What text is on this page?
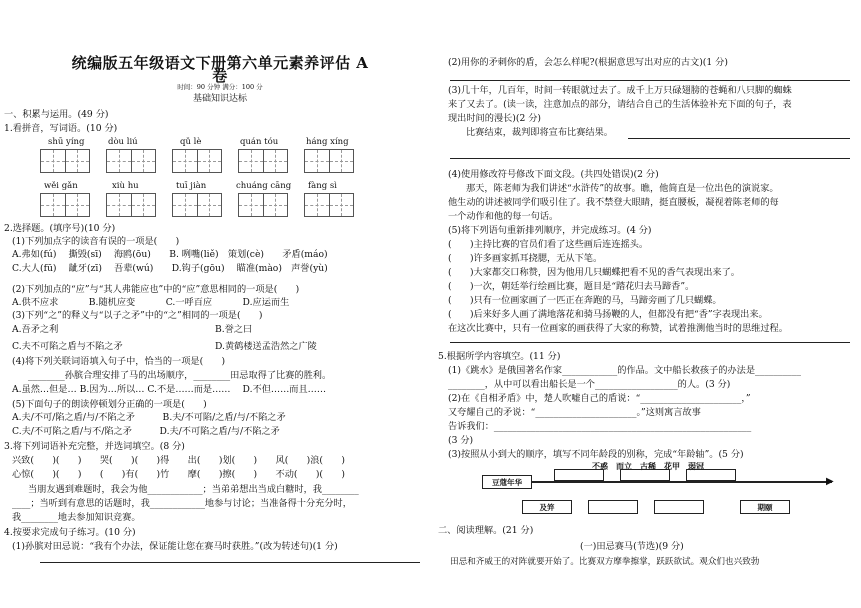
统编版五年级语文下册第六单元素养评估 A 卷
时间：90 分钟 满分：100 分
基础知识达标
一、积累与运用。(49 分)
1.看拼音，写词语。(10 分)
shū yíng	dòu liú	qǔ lè	quán tóu	háng xíng
wěi gǎn	xiù hu	tuī jiàn	chuáng cāng fàng sì
2.选择题。(填序号)(10 分)
(1)下列加点字的读音有误的一项是(　　)
A.弗如(fú)　 撕毁(sī)　 海鸥(ōu)　　B. 咧嘴(liě)　策划(cè)　　矛盾(máo)
C.大人(fū)　 龇牙(zī)　 吾辈(wú)　　D.钩子(gōu)　 瞄准(mào)　声誉(yù)
(2)下列加点的“应”与“其人弗能应也”中的“应”意思相同的一项是(　　)
A.供不应求　　　 B.随机应变　　　 C.一呼百应　　　 D.应运而生
(3)下列“之”的释义与“以子之矛”中的“之”相同的一项是(　　)
A.吾矛之利	B.誉之曰
C.夫不可陷之盾与不陷之矛	D.黄鹤楼送孟浩然之广陵
(4)将下列关联词语填入句子中，恰当的一项是(　　)
________孙膑合理安排了马的出场顺序，________田忌取得了比赛的胜利。
A.虽然…但是… B.因为…所以… C.不是……而是……　 D.不但……而且……
(5)下面句子的朗读停顿划分正确的一项是(　　)
A.夫/不可/陷之盾/与/不陷之矛　　　B.夫/不可陷/之盾/与/不陷之矛
C.夫/不可陷之盾/与不/陷之矛　　　D.夫/不可陷之盾/与/不陷之矛
3.将下列词语补充完整，并选词填空。(8 分)
兴致(　　)(　　)　　哭(　　)(　　)得　　出(　　)划(　　)　　风(　　)浪(　　)
心惊(　　)(　　)　　(　　)有(　　)竹　　摩(　　)擦(　　)　　不动(　　)(　　)
当朋友遇到难题时，我会为他____________；当弟弟想出当成白糖时，我________
____；当听到有意思的话题时，我____________地参与讨论；当准备得十分充分时，
我________地去参加知识竞赛。
4.按要求完成句子练习。(10 分)
(1)孙膑对田忌说：“我有个办法，保证能让您在赛马时获胜。”(改为转述句)(1 分)
(2)用你的矛刺你的盾，会怎么样呢?(根据意思写出对应的古文)(1 分)
(3)几十年，几百年，时间一转眼就过去了。成千上万只碌翅膀的苍蝇和八只脚的蜘蛛
来了又去了。(读一读，注意加点的部分，请结合自己的生活体验补充下面的句子，表
现出时间的漫长)(2 分)
比赛结束，裁判即将宣布比赛结果。
(4)使用修改符号修改下面文段。(共四处错误)(2 分)
那天，陈老师为我们讲述“水浒传”的故事。瞧，他简直是一位出色的演说家。
他生动的讲述被同学们吸引住了。我不禁登大眼睛，挺直腰板，凝视着陈老师的每
一个动作和他的每一句话。
(5)将下列语句重新排列顺序，并完成练习。(4 分)
(　　)主持比赛的官员们看了这些画后连连摇头。
(　　)许多画家抓耳挠腮，无从下笔。
(　　)大家都交口称赞，因为他用几只蝴蝶把看不见的香气表现出来了。
(　　)一次，朝廷举行绘画比赛，题目是“踏花归去马蹄香”。
(　　)只有一位画家画了一匹正在奔跑的马，马蹄旁画了几只蝴蝶。
(　　)后来好多人画了满地落花和骑马扬鞭的人，但都没有把“香”字表现出来。
在这次比赛中，只有一位画家的画获得了大家的称赞，试着推测他当时的思维过程。
5.根据所学内容填空。(11 分)
(1)《跳水》是俄国著名作家____________的作品。文中船长救孩子的办法是__________
________，从中可以看出船长是一个__________________的人。(3 分)
(2)在《自相矛盾》中，楚人吹嘘自己的盾说：“______________________，”
又夸耀自己的矛说：“______________________。”这则寓言故事
告诉我们：________________________________________________________
(3 分)
(3)按照从小到大的顺序，填写不同年龄段的别称，完成“年龄轴”。(5 分)
不惑　而立　古稀　花甲　弱冠
豆蔻年华	▶
及笄	期颐
二、阅读理解。(21 分)
(一)田忌赛马(节选)(9 分)
田忌和齐威王的对阵就要开始了。比赛双方摩拳擦掌，跃跃欲试。观众们也兴致勃
